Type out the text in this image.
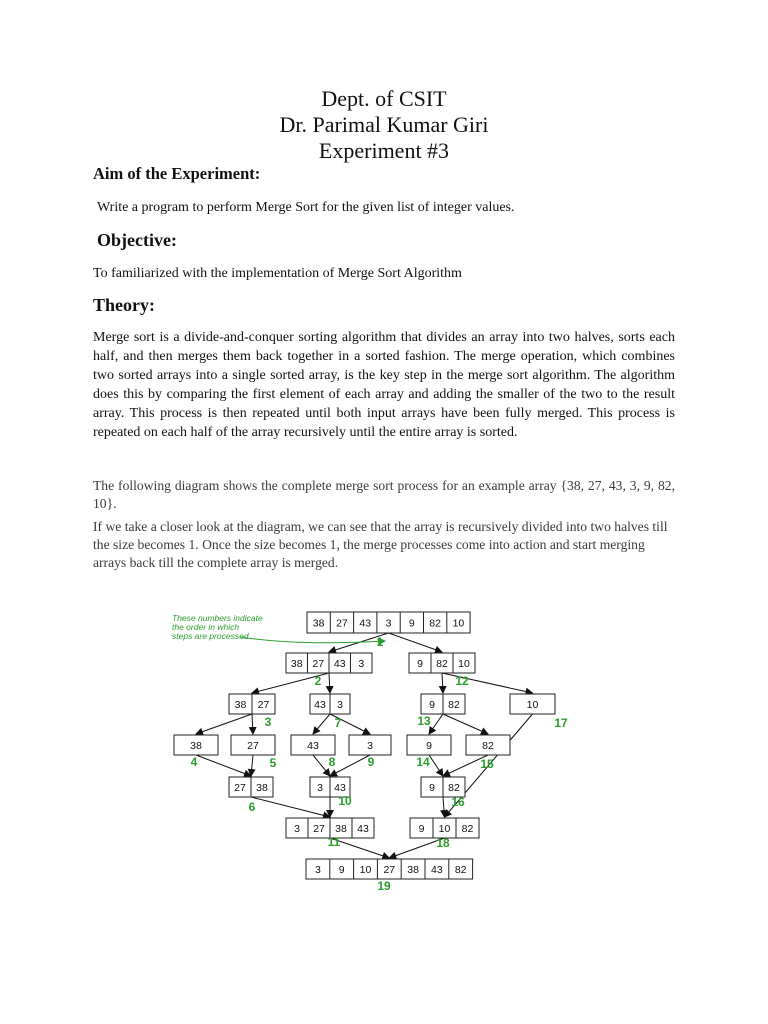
Dept. of CSIT
Dr. Parimal Kumar Giri
Experiment #3
Aim of the Experiment:
Write a program to perform Merge Sort for the given list of integer values.
Objective:
To familiarized with the implementation of Merge Sort Algorithm
Theory:
Merge sort is a divide-and-conquer sorting algorithm that divides an array into two halves, sorts each half, and then merges them back together in a sorted fashion. The merge operation, which combines two sorted arrays into a single sorted array, is the key step in the merge sort algorithm. The algorithm does this by comparing the first element of each array and adding the smaller of the two to the result array. This process is then repeated until both input arrays have been fully merged. This process is repeated on each half of the array recursively until the entire array is sorted.
The following diagram shows the complete merge sort process for an example array {38, 27, 43, 3, 9, 82, 10}.
If we take a closer look at the diagram, we can see that the array is recursively divided into two halves till the size becomes 1. Once the size becomes 1, the merge processes come into action and start merging arrays back till the complete array is merged.
38 27 43 3 9 82 10
38 27 43 3	9 82 10
38 27	43 3	9 82	10
38	27	43	3	9	82
27 38	3 43	9 82
3 27 38 43	9 10 82
3 9 10 27 38 43 82
1
2	12
3	7	13	17
4	5	8	9	14	15
6	10	16
11	18
19
These numbers indicate
the order in which
steps are processed
